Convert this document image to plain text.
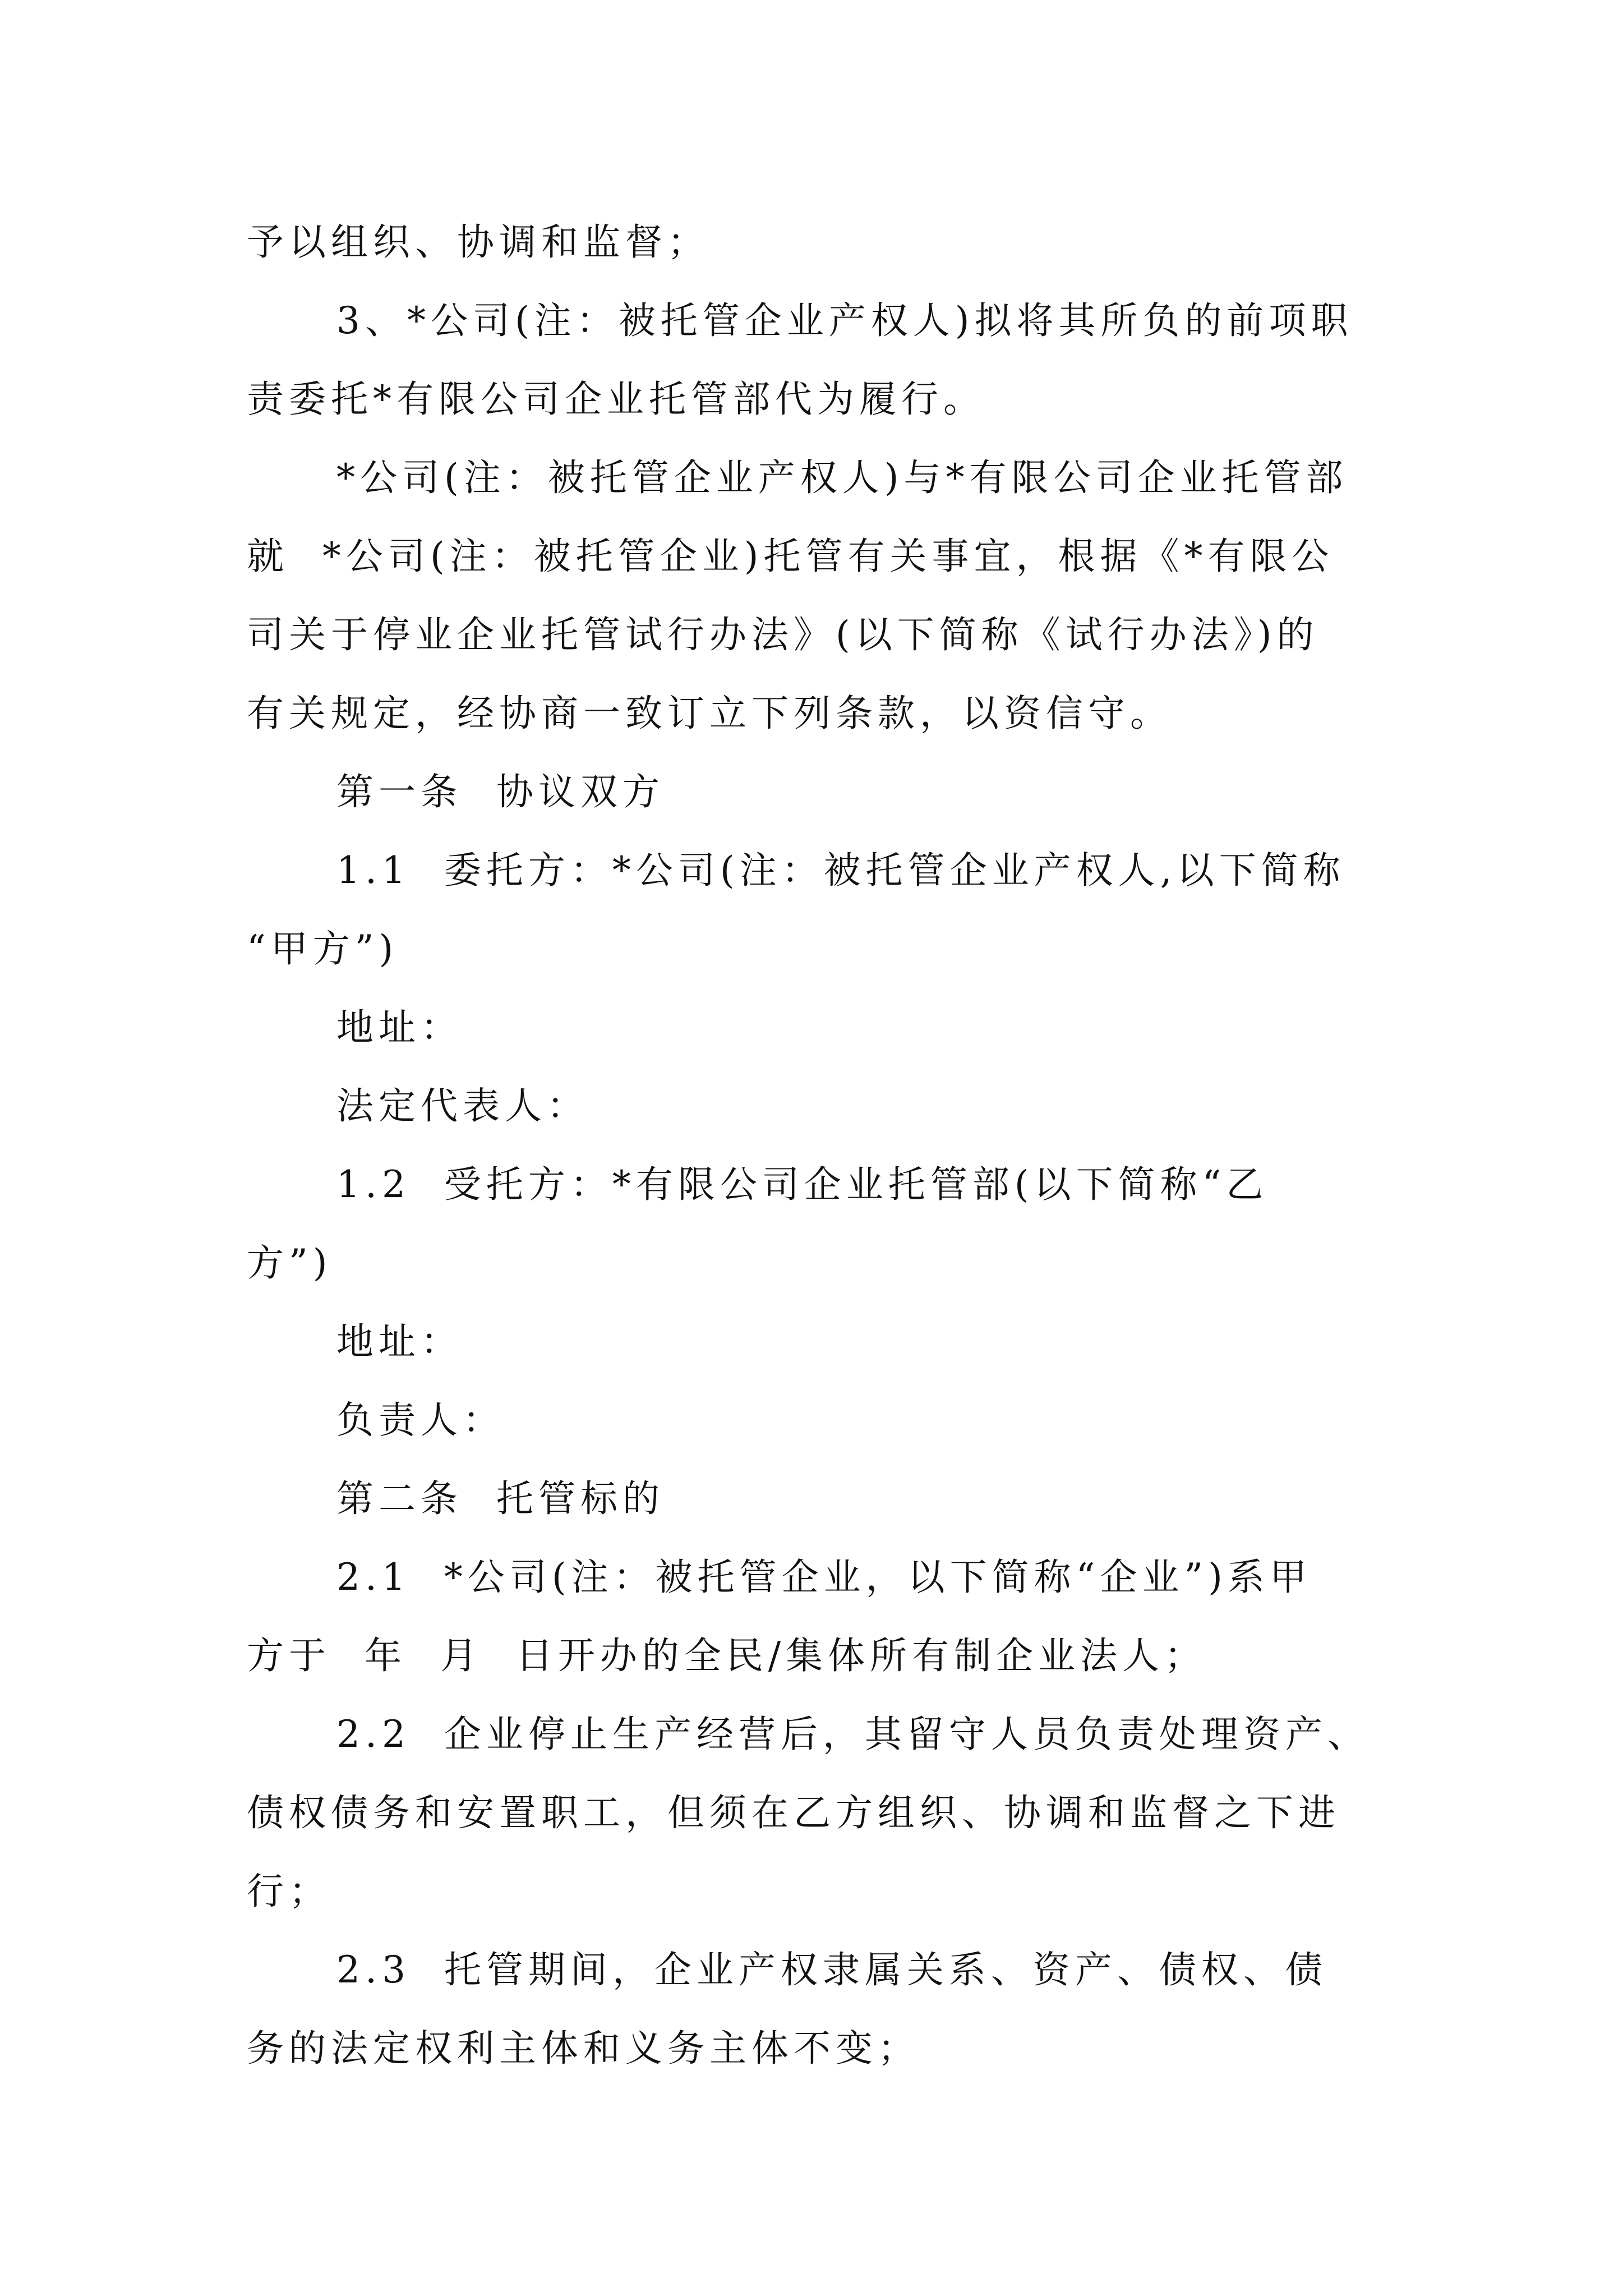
予以组织、协调和监督；
3、*公司(注：被托管企业产权人)拟将其所负的前项职
责委托*有限公司企业托管部代为履行。
*公司(注：被托管企业产权人)与*有限公司企业托管部
就  *公司(注：被托管企业)托管有关事宜，根据《*有限公
司关于停业企业托管试行办法》(以下简称《试行办法》)的
有关规定，经协商一致订立下列条款，以资信守。
第一条  协议双方
1.1  委托方：*公司(注：被托管企业产权人,以下简称
“甲方”)
地址：
法定代表人：
1.2  受托方：*有限公司企业托管部(以下简称“乙
方”)
地址：
负责人：
第二条  托管标的
2.1  *公司(注：被托管企业，以下简称“企业”)系甲
方于  年  月  日开办的全民/集体所有制企业法人；
2.2  企业停止生产经营后，其留守人员负责处理资产、
债权债务和安置职工，但须在乙方组织、协调和监督之下进
行；
2.3  托管期间，企业产权隶属关系、资产、债权、债
务的法定权利主体和义务主体不变；
